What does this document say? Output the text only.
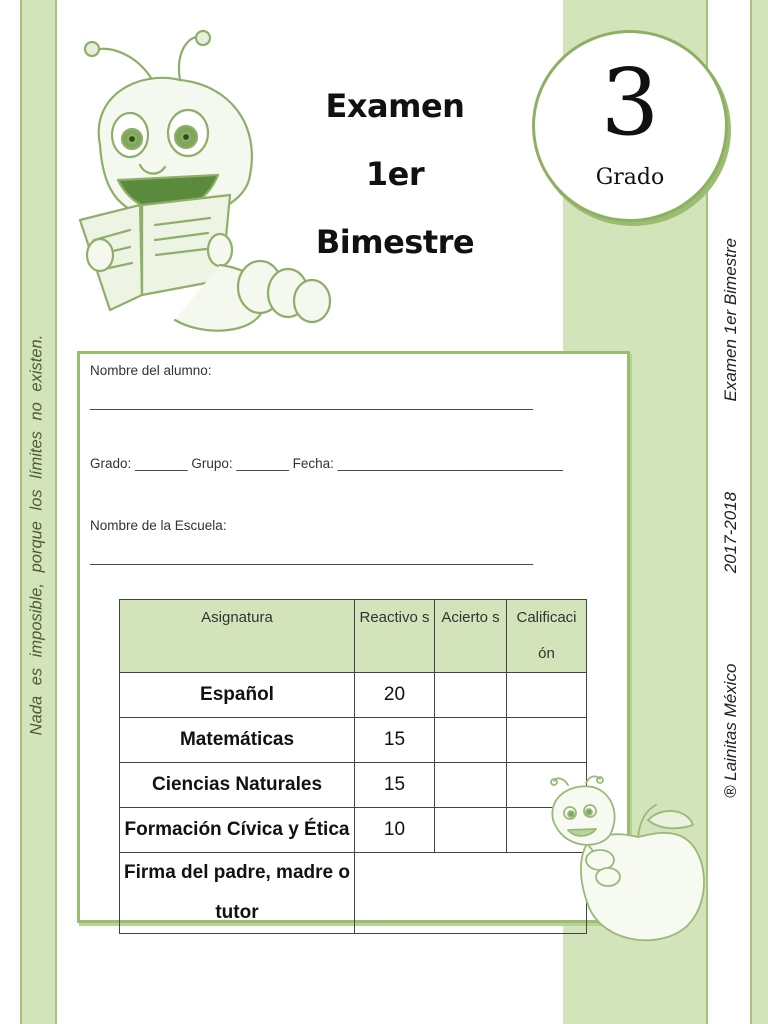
Nada es imposible, porque los límites no existen.	® Lainitas México
2017-2018
Examen 1er Bimestre
Examen
1er
Bimestre
3
Grado
Nombre del alumno:
___________________________________________________________
Grado: _______ Grupo: _______ Fecha: ______________________________
Nombre de la Escuela:
___________________________________________________________
Asignatura	Reactivo s	Acierto s	Calificaci ón
Español	20		
Matemáticas	15		
Ciencias Naturales	15		
Formación Cívica y Ética	10		
Firma del padre, madre o tutor			
